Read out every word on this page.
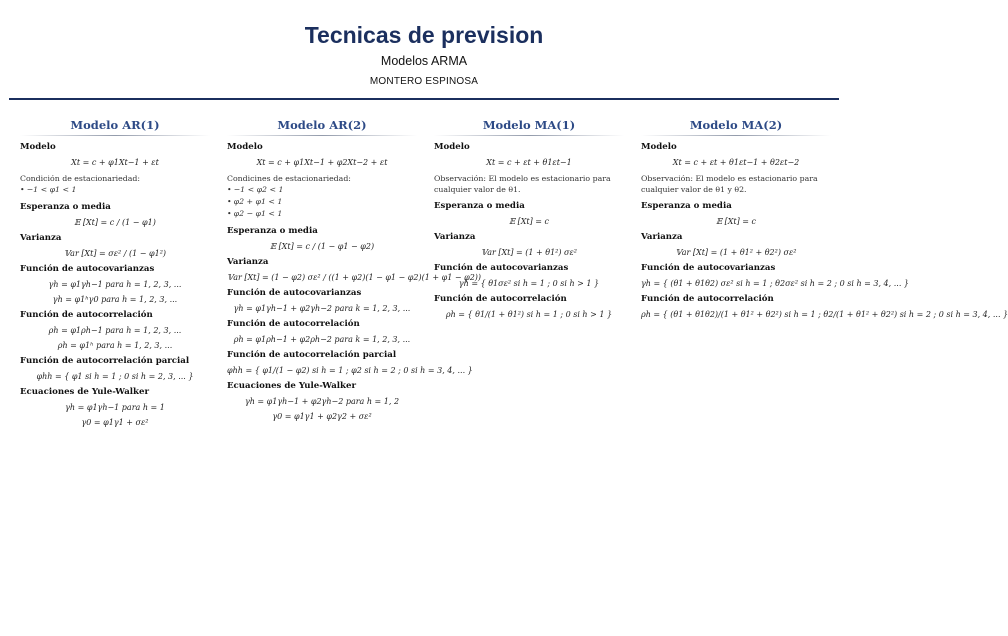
Tecnicas de prevision
Modelos ARMA
MONTERO ESPINOSA
Modelo AR(1)
Modelo
Xt = c + φ1Xt−1 + εt
Condición de estacionariedad:
• −1 < φ1 < 1
Esperanza o media
𝔼 [Xt] = c / (1 − φ1)
Varianza
𝕍ar [Xt] = σε² / (1 − φ1²)
Función de autocovarianzas
γh = φ1γh−1 para h = 1, 2, 3, ...
γh = φ1ʰγ0 para h = 1, 2, 3, ...
Función de autocorrelación
ρh = φ1ρh−1 para h = 1, 2, 3, ...
ρh = φ1ʰ para h = 1, 2, 3, ...
Función de autocorrelación parcial
φhh = { φ1 si h = 1 ; 0 si h = 2, 3, ... }
Ecuaciones de Yule-Walker
γh = φ1γh−1 para h = 1
γ0 = φ1γ1 + σε²
Modelo AR(2)
Modelo
Xt = c + φ1Xt−1 + φ2Xt−2 + εt
Condicines de estacionariedad:
• −1 < φ2 < 1
• φ2 + φ1 < 1
• φ2 − φ1 < 1
Esperanza o media
𝔼 [Xt] = c / (1 − φ1 − φ2)
Varianza
𝕍ar [Xt] = (1 − φ2) σε² / ((1 + φ2)(1 − φ1 − φ2)(1 + φ1 − φ2))
Función de autocovarianzas
γh = φ1γh−1 + φ2γh−2 para k = 1, 2, 3, ...
Función de autocorrelación
ρh = φ1ρh−1 + φ2ρh−2 para k = 1, 2, 3, ...
Función de autocorrelación parcial
φhh = { φ1/(1 − φ2) si h = 1 ; φ2 si h = 2 ; 0 si h = 3, 4, ... }
Ecuaciones de Yule-Walker
γh = φ1γh−1 + φ2γh−2 para h = 1, 2
γ0 = φ1γ1 + φ2γ2 + σε²
Modelo MA(1)
Modelo
Xt = c + εt + θ1εt−1
Observación: El modelo es estacionario para cualquier valor de θ1.
Esperanza o media
𝔼 [Xt] = c
Varianza
𝕍ar [Xt] = (1 + θ1²) σε²
Función de autocovarianzas
γh = { θ1σε² si h = 1 ; 0 si h > 1 }
Función de autocorrelación
ρh = { θ1/(1 + θ1²) si h = 1 ; 0 si h > 1 }
Modelo MA(2)
Modelo
Xt = c + εt + θ1εt−1 + θ2εt−2
Observación: El modelo es estacionario para cualquier valor de θ1 y θ2.
Esperanza o media
𝔼 [Xt] = c
Varianza
𝕍ar [Xt] = (1 + θ1² + θ2²) σε²
Función de autocovarianzas
γh = { (θ1 + θ1θ2) σε² si h = 1 ; θ2σε² si h = 2 ; 0 si h = 3, 4, ... }
Función de autocorrelación
ρh = { (θ1 + θ1θ2)/(1 + θ1² + θ2²) si h = 1 ; θ2/(1 + θ1² + θ2²) si h = 2 ; 0 si h = 3, 4, ... }
